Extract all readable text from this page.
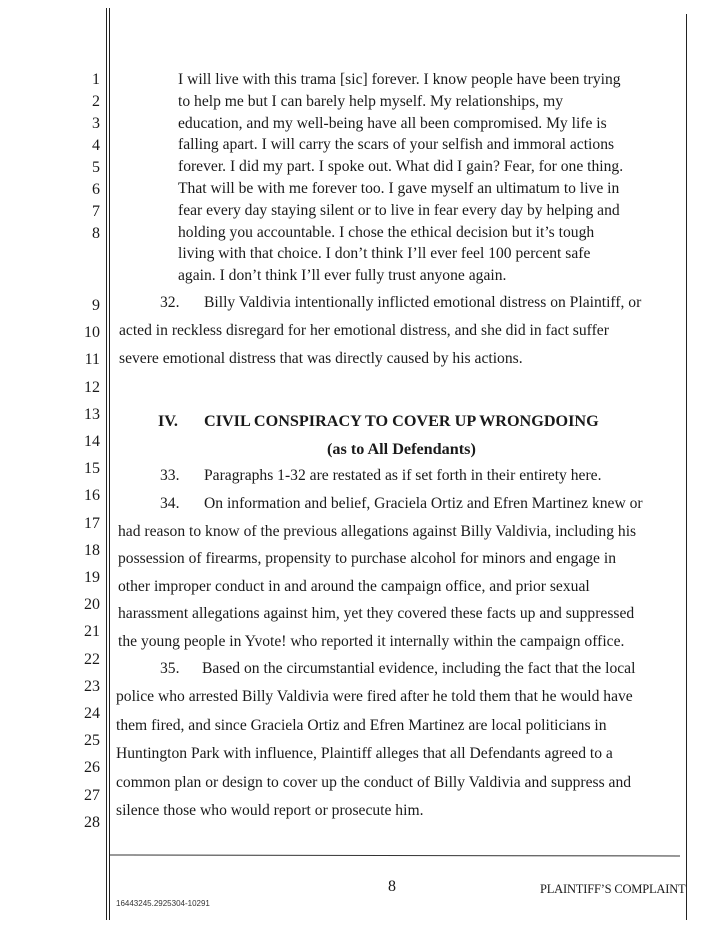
1
2
3
4
5
6
7
8
9
10
11
12
13
14
15
16
17
18
19
20
21
22
23
24
25
26
27
28
I will live with this trama [sic] forever. I know people have been trying
to help me but I can barely help myself. My relationships, my
education, and my well-being have all been compromised. My life is
falling apart. I will carry the scars of your selfish and immoral actions
forever. I did my part. I spoke out. What did I gain? Fear, for one thing.
That will be with me forever too. I gave myself an ultimatum to live in
fear every day staying silent or to live in fear every day by helping and
holding you accountable. I chose the ethical decision but it’s tough
living with that choice. I don’t think I’ll ever feel 100 percent safe
again. I don’t think I’ll ever fully trust anyone again.
32. Billy Valdivia intentionally inflicted emotional distress on Plaintiff, or
acted in reckless disregard for her emotional distress, and she did in fact suffer
severe emotional distress that was directly caused by his actions.
IV. CIVIL CONSPIRACY TO COVER UP WRONGDOING
(as to All Defendants)
33. Paragraphs 1-32 are restated as if set forth in their entirety here.
34. On information and belief, Graciela Ortiz and Efren Martinez knew or
had reason to know of the previous allegations against Billy Valdivia, including his
possession of firearms, propensity to purchase alcohol for minors and engage in
other improper conduct in and around the campaign office, and prior sexual
harassment allegations against him, yet they covered these facts up and suppressed
the young people in Yvote! who reported it internally within the campaign office.
35. Based on the circumstantial evidence, including the fact that the local
police who arrested Billy Valdivia were fired after he told them that he would have
them fired, and since Graciela Ortiz and Efren Martinez are local politicians in
Huntington Park with influence, Plaintiff alleges that all Defendants agreed to a
common plan or design to cover up the conduct of Billy Valdivia and suppress and
silence those who would report or prosecute him.
8	PLAINTIFF’S COMPLAINT
16443245.2925304-10291
